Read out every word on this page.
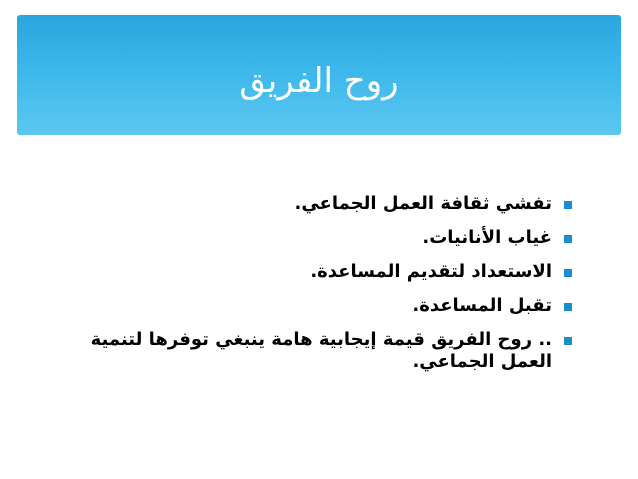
روح الفريق
تفشي ثقافة العمل الجماعي.
غياب الأنانيات.
الاستعداد لتقديم المساعدة.
تقبل المساعدة.
.. روح الفريق قيمة إيجابية هامة ينبغي توفرها لتنمية العمل الجماعي.
